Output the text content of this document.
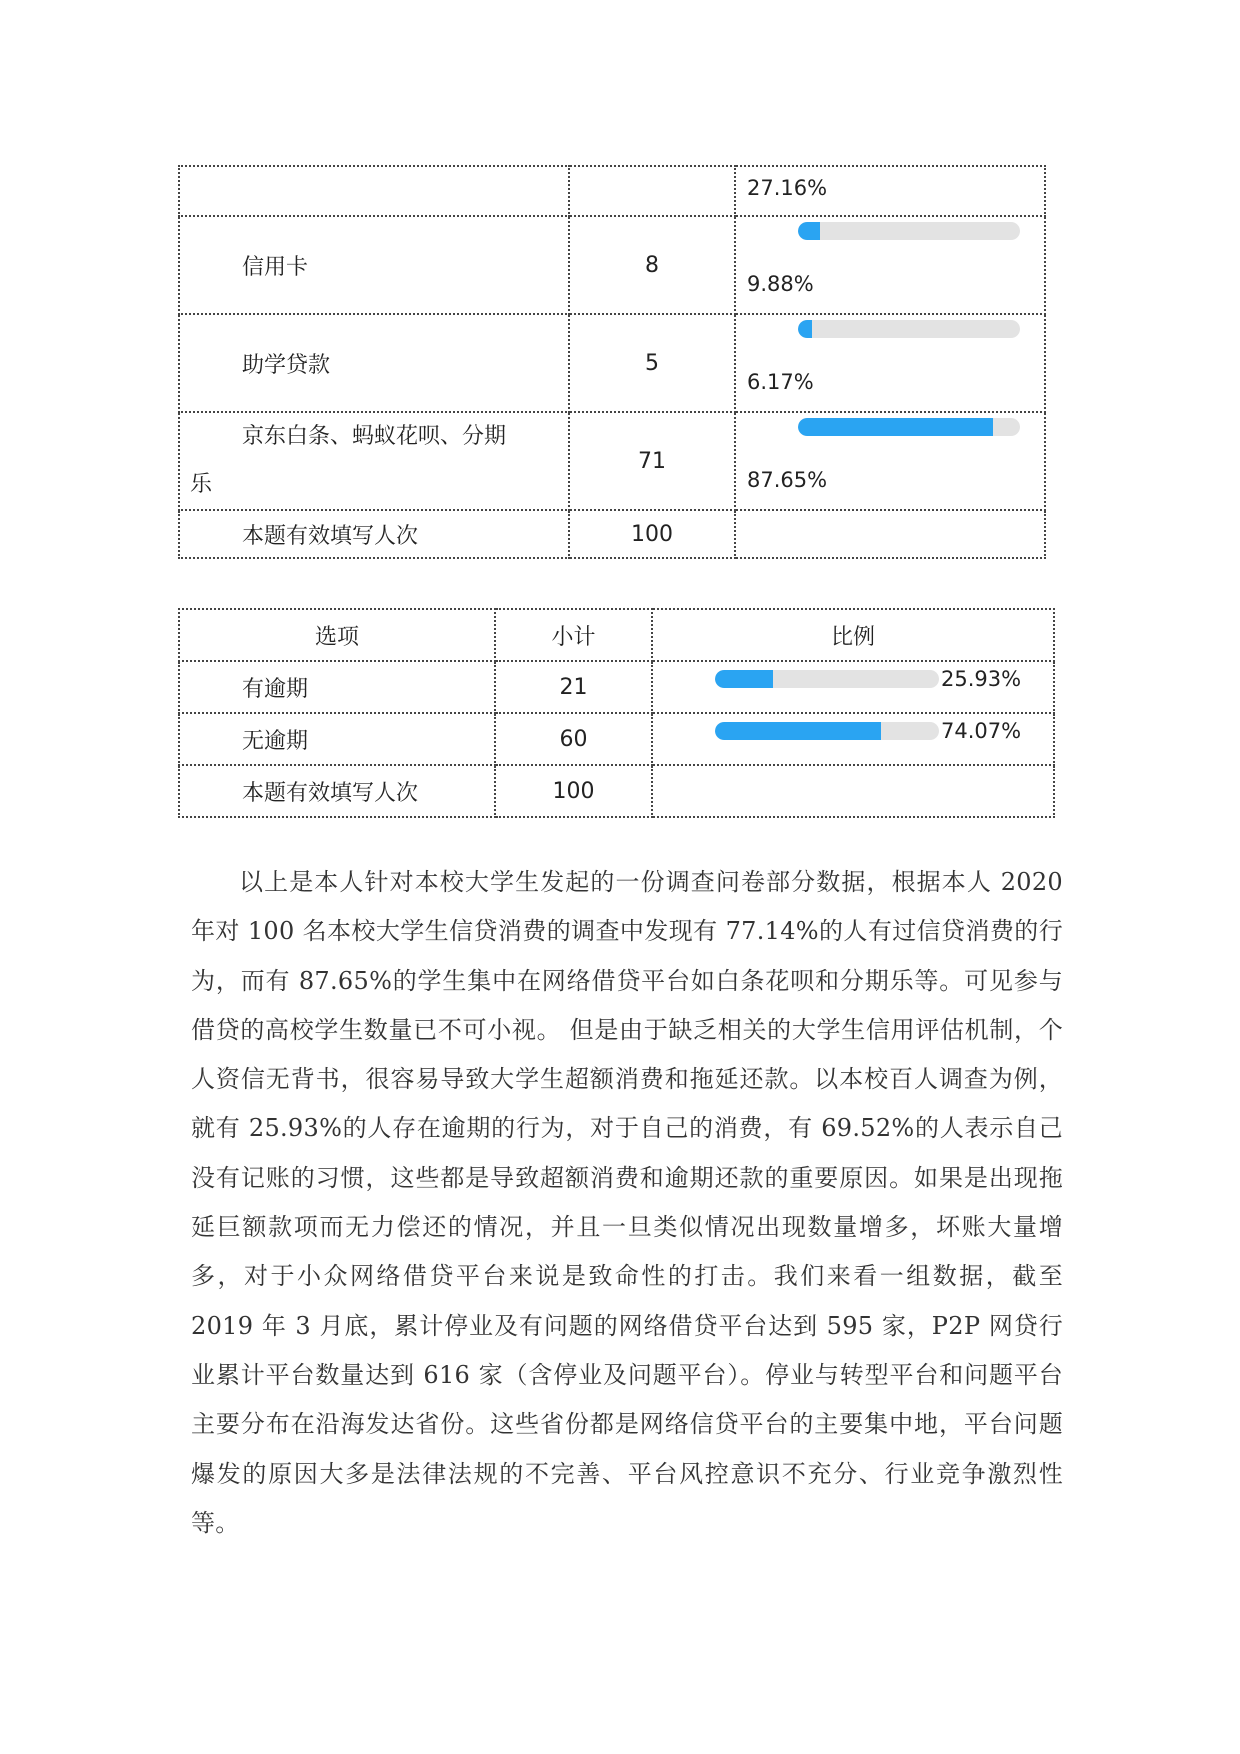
		27.16%

信用卡	8	9.88%

助学贷款	5	6.17%

京东白条、蚂蚁花呗、分期
乐	71	87.65%

本题有效填写人次	100	
选项	小计	比例
有逾期	21	25.93%

无逾期	60	74.07%

本题有效填写人次	100	

以上是本人针对本校大学生发起的一份调查问卷部分数据，根据本人 2020 年对 100 名本校大学生信贷消费的调查中发现有 77.14%的人有过信贷消费的行为，而有 87.65%的学生集中在网络借贷平台如白条花呗和分期乐等。可见参与借贷的高校学生数量已不可小视。 但是由于缺乏相关的大学生信用评估机制，个人资信无背书，很容易导致大学生超额消费和拖延还款。以本校百人调查为例，就有 25.93%的人存在逾期的行为，对于自己的消费，有 69.52%的人表示自己没有记账的习惯，这些都是导致超额消费和逾期还款的重要原因。如果是出现拖延巨额款项而无力偿还的情况，并且一旦类似情况出现数量增多，坏账大量增多，对于小众网络借贷平台来说是致命性的打击。我们来看一组数据，截至 2019 年 3 月底，累计停业及有问题的网络借贷平台达到 595 家，P2P 网贷行业累计平台数量达到 616 家（含停业及问题平台）。停业与转型平台和问题平台主要分布在沿海发达省份。这些省份都是网络信贷平台的主要集中地，平台问题爆发的原因大多是法律法规的不完善、平台风控意识不充分、行业竞争激烈性等。
